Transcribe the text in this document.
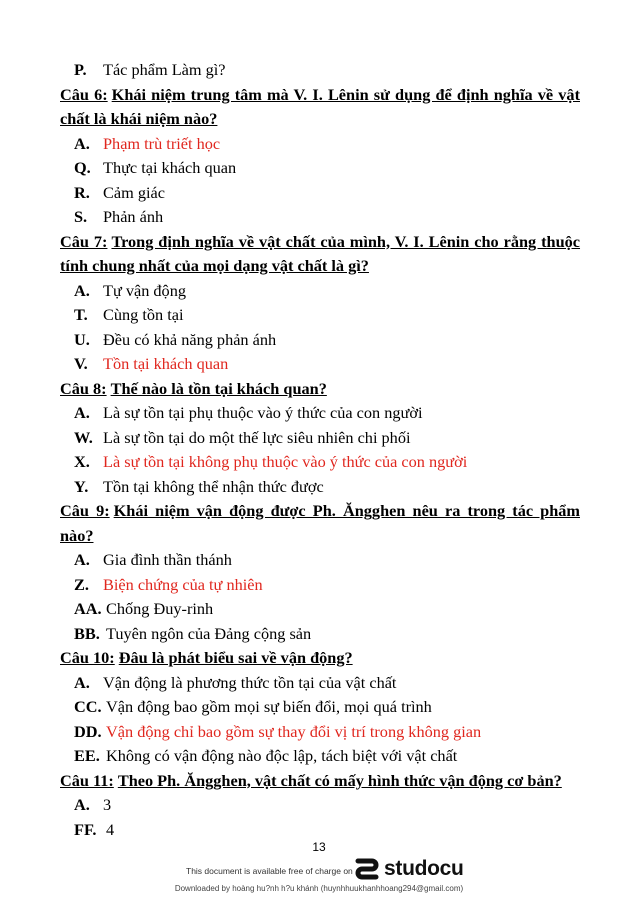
P. Tác phẩm Làm gì?
Câu 6: Khái niệm trung tâm mà V. I. Lênin sử dụng để định nghĩa về vật chất là khái niệm nào?
A. Phạm trù triết học
Q. Thực tại khách quan
R. Cảm giác
S. Phản ánh
Câu 7: Trong định nghĩa về vật chất của mình, V. I. Lênin cho rằng thuộc tính chung nhất của mọi dạng vật chất là gì?
A. Tự vận động
T. Cùng tồn tại
U. Đều có khả năng phản ánh
V. Tồn tại khách quan
Câu 8: Thế nào là tồn tại khách quan?
A. Là sự tồn tại phụ thuộc vào ý thức của con người
W. Là sự tồn tại do một thế lực siêu nhiên chi phối
X. Là sự tồn tại không phụ thuộc vào ý thức của con người
Y. Tồn tại không thể nhận thức được
Câu 9: Khái niệm vận động được Ph. Ăngghen nêu ra trong tác phẩm nào?
A. Gia đình thần thánh
Z. Biện chứng của tự nhiên
AA. Chống Đuy-rinh
BB. Tuyên ngôn của Đảng cộng sản
Câu 10: Đâu là phát biểu sai về vận động?
A. Vận động là phương thức tồn tại của vật chất
CC. Vận động bao gồm mọi sự biến đổi, mọi quá trình
DD. Vận động chỉ bao gồm sự thay đổi vị trí trong không gian
EE. Không có vận động nào độc lập, tách biệt với vật chất
Câu 11: Theo Ph. Ăngghen, vật chất có mấy hình thức vận động cơ bản?
A. 3
FF. 4
13
This document is available free of charge on studocu
Downloaded by hoàng hu?nh h?u khánh (huynhhuukhanhhoang294@gmail.com)
